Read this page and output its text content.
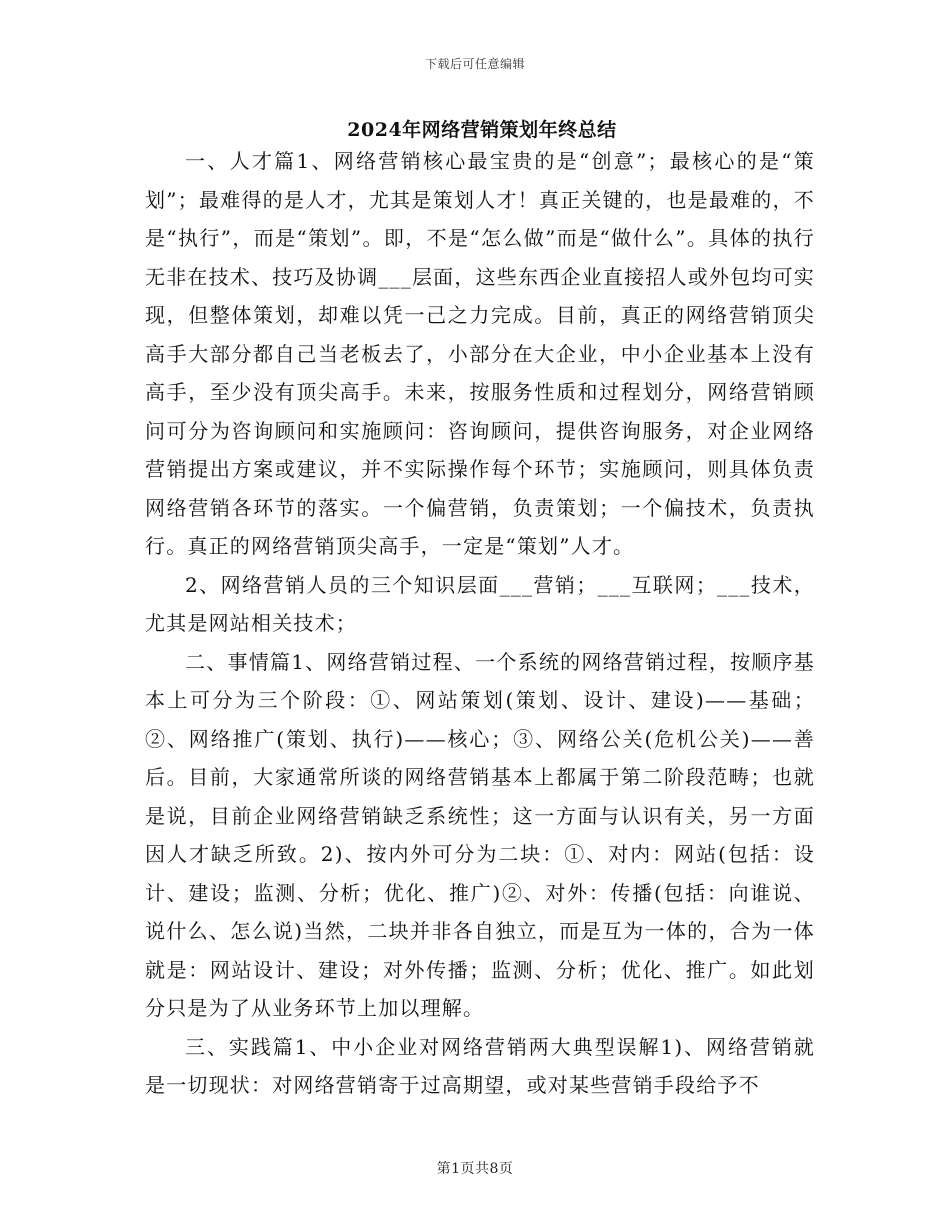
下载后可任意编辑
2024年网络营销策划年终总结

一、人才篇1、网络营销核心最宝贵的是“创意”；最核心的是“策划”；最难得的是人才，尤其是策划人才！真正关键的，也是最难的，不是“执行”，而是“策划”。即，不是“怎么做”而是“做什么”。具体的执行无非在技术、技巧及协调___层面，这些东西企业直接招人或外包均可实现，但整体策划，却难以凭一己之力完成。目前，真正的网络营销顶尖高手大部分都自己当老板去了，小部分在大企业，中小企业基本上没有高手，至少没有顶尖高手。未来，按服务性质和过程划分，网络营销顾问可分为咨询顾问和实施顾问：咨询顾问，提供咨询服务，对企业网络营销提出方案或建议，并不实际操作每个环节；实施顾问，则具体负责网络营销各环节的落实。一个偏营销，负责策划；一个偏技术，负责执行。真正的网络营销顶尖高手，一定是“策划”人才。

2、网络营销人员的三个知识层面___营销；___互联网；___技术，尤其是网站相关技术；

二、事情篇1、网络营销过程、一个系统的网络营销过程，按顺序基本上可分为三个阶段：①、网站策划(策划、设计、建设)——基础；②、网络推广(策划、执行)——核心；③、网络公关(危机公关)——善后。目前，大家通常所谈的网络营销基本上都属于第二阶段范畴；也就是说，目前企业网络营销缺乏系统性；这一方面与认识有关，另一方面因人才缺乏所致。2)、按内外可分为二块：①、对内：网站(包括：设计、建设；监测、分析；优化、推广)②、对外：传播(包括：向谁说、说什么、怎么说)当然，二块并非各自独立，而是互为一体的，合为一体就是：网站设计、建设；对外传播；监测、分析；优化、推广。如此划分只是为了从业务环节上加以理解。

三、实践篇1、中小企业对网络营销两大典型误解1)、网络营销就是一切现状：对网络营销寄于过高期望，或对某些营销手段给予不

第1页共8页
